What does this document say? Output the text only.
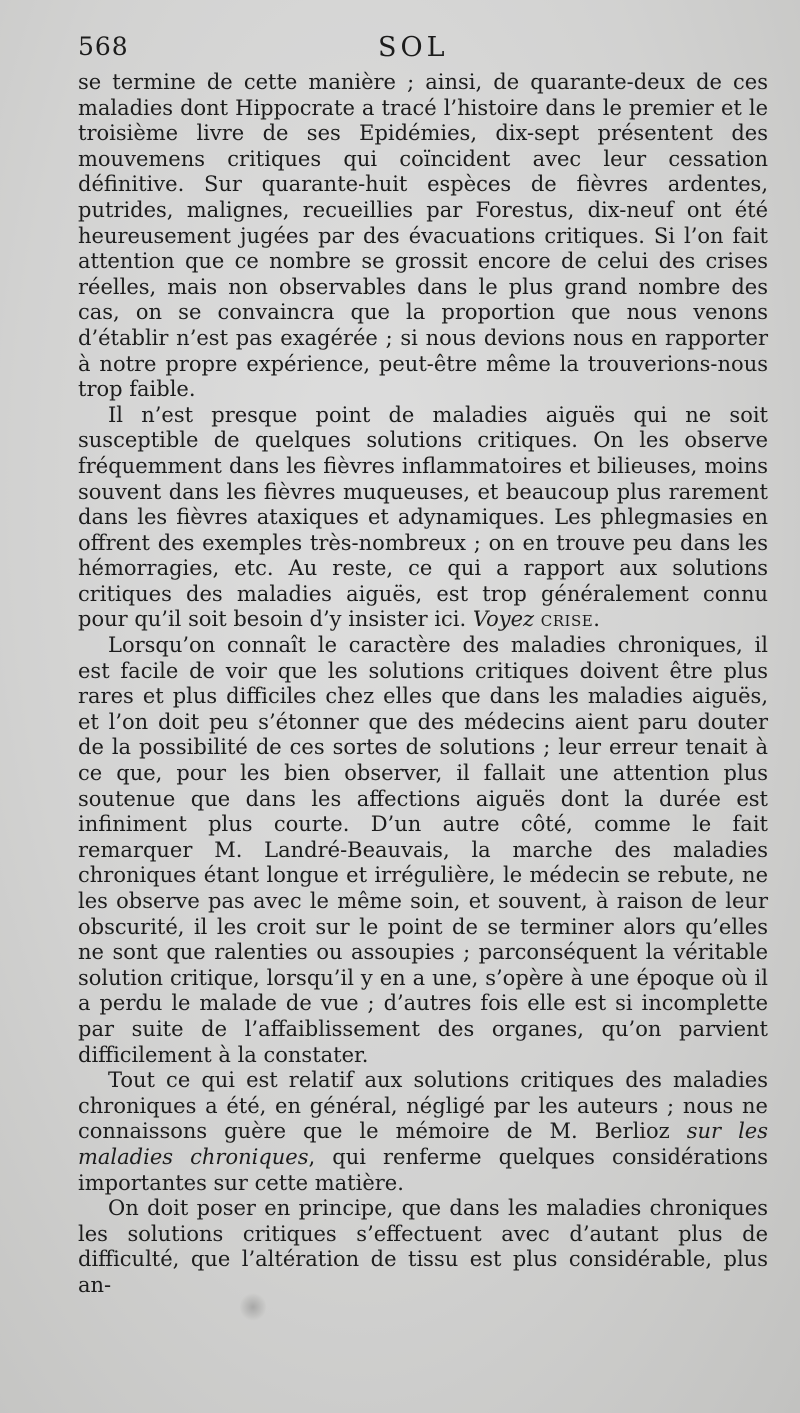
568	SOL

se termine de cette manière ; ainsi, de quarante-deux de ces maladies dont Hippocrate a tracé l’histoire dans le premier et le troisième livre de ses Epidémies, dix-sept présentent des mouvemens critiques qui coïncident avec leur cessation définitive. Sur quarante-huit espèces de fièvres ardentes, putrides, malignes, recueillies par Forestus, dix-neuf ont été heureusement jugées par des évacuations critiques. Si l’on fait attention que ce nombre se grossit encore de celui des crises réelles, mais non observables dans le plus grand nombre des cas, on se convaincra que la proportion que nous venons d’établir n’est pas exagérée ; si nous devions nous en rapporter à notre propre expérience, peut-être même la trouverions-nous trop faible.

Il n’est presque point de maladies aiguës qui ne soit susceptible de quelques solutions critiques. On les observe fréquemment dans les fièvres inflammatoires et bilieuses, moins souvent dans les fièvres muqueuses, et beaucoup plus rarement dans les fièvres ataxiques et adynamiques. Les phlegmasies en offrent des exemples très-nombreux ; on en trouve peu dans les hémorragies, etc. Au reste, ce qui a rapport aux solutions critiques des maladies aiguës, est trop généralement connu pour qu’il soit besoin d’y insister ici. Voyez crise.

Lorsqu’on connaît le caractère des maladies chroniques, il est facile de voir que les solutions critiques doivent être plus rares et plus difficiles chez elles que dans les maladies aiguës, et l’on doit peu s’étonner que des médecins aient paru douter de la possibilité de ces sortes de solutions ; leur erreur tenait à ce que, pour les bien observer, il fallait une attention plus soutenue que dans les affections aiguës dont la durée est infiniment plus courte. D’un autre côté, comme le fait remarquer M. Landré-Beauvais, la marche des maladies chroniques étant longue et irrégulière, le médecin se rebute, ne les observe pas avec le même soin, et souvent, à raison de leur obscurité, il les croit sur le point de se terminer alors qu’elles ne sont que ralenties ou assoupies ; parconséquent la véritable solution critique, lorsqu’il y en a une, s’opère à une époque où il a perdu le malade de vue ; d’autres fois elle est si incomplette par suite de l’affaiblissement des organes, qu’on parvient difficilement à la constater.

Tout ce qui est relatif aux solutions critiques des maladies chroniques a été, en général, négligé par les auteurs ; nous ne connaissons guère que le mémoire de M. Berlioz sur les maladies chroniques, qui renferme quelques considérations importantes sur cette matière.

On doit poser en principe, que dans les maladies chroniques les solutions critiques s’effectuent avec d’autant plus de difficulté, que l’altération de tissu est plus considérable, plus an-
